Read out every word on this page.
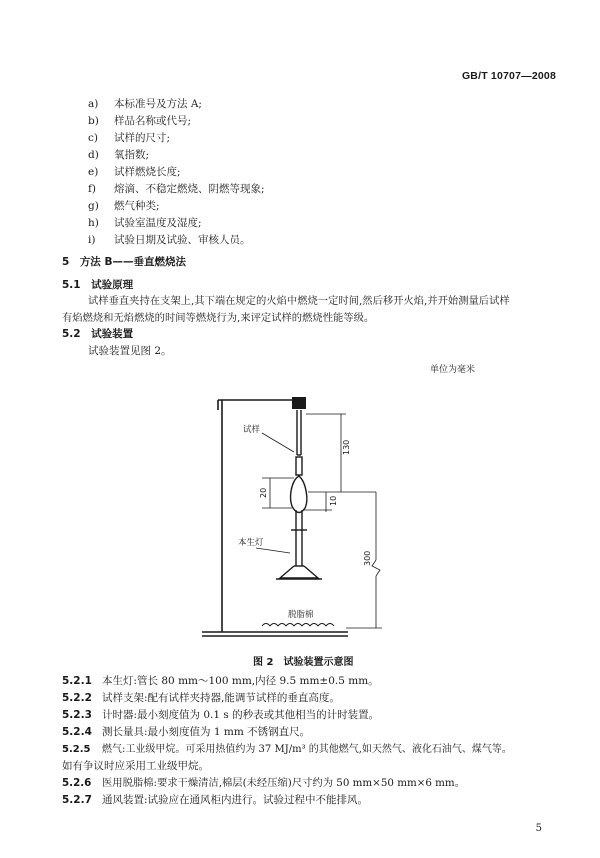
GB/T 10707—2008
a) 本标准号及方法 A;
b) 样品名称或代号;
c) 试样的尺寸;
d) 氧指数;
e) 试样燃烧长度;
f) 熔滴、不稳定燃烧、阴燃等现象;
g) 燃气种类;
h) 试验室温度及湿度;
i) 试验日期及试验、审核人员。
5　 方法 B——垂直燃烧法
5.1　 试验原理
试样垂直夹持在支架上,其下端在规定的火焰中燃烧一定时间,然后移开火焰,并开始测量后试样
有焰燃烧和无焰燃烧的时间等燃烧行为,来评定试样的燃烧性能等级。
5.2　 试验装置
试验装置见图 2。
单位为毫米
试样
本生灯
130
20
10
300
脱脂棉
图 2　试验装置示意图
5.2.1 本生灯:管长 80 mm～100 mm,内径 9.5 mm±0.5 mm。
5.2.2 试样支架:配有试样夹持器,能调节试样的垂直高度。
5.2.3 计时器:最小刻度值为 0.1 s 的秒表或其他相当的计时装置。
5.2.4 测长量具:最小刻度值为 1 mm 不锈钢直尺。
5.2.5 燃气:工业级甲烷。可采用热值约为 37 MJ/m³ 的其他燃气,如天然气、液化石油气、煤气等。
如有争议时应采用工业级甲烷。
5.2.6 医用脱脂棉:要求干燥清洁,棉层(未经压缩)尺寸约为 50 mm×50 mm×6 mm。
5.2.7 通风装置:试验应在通风柜内进行。试验过程中不能排风。
5
